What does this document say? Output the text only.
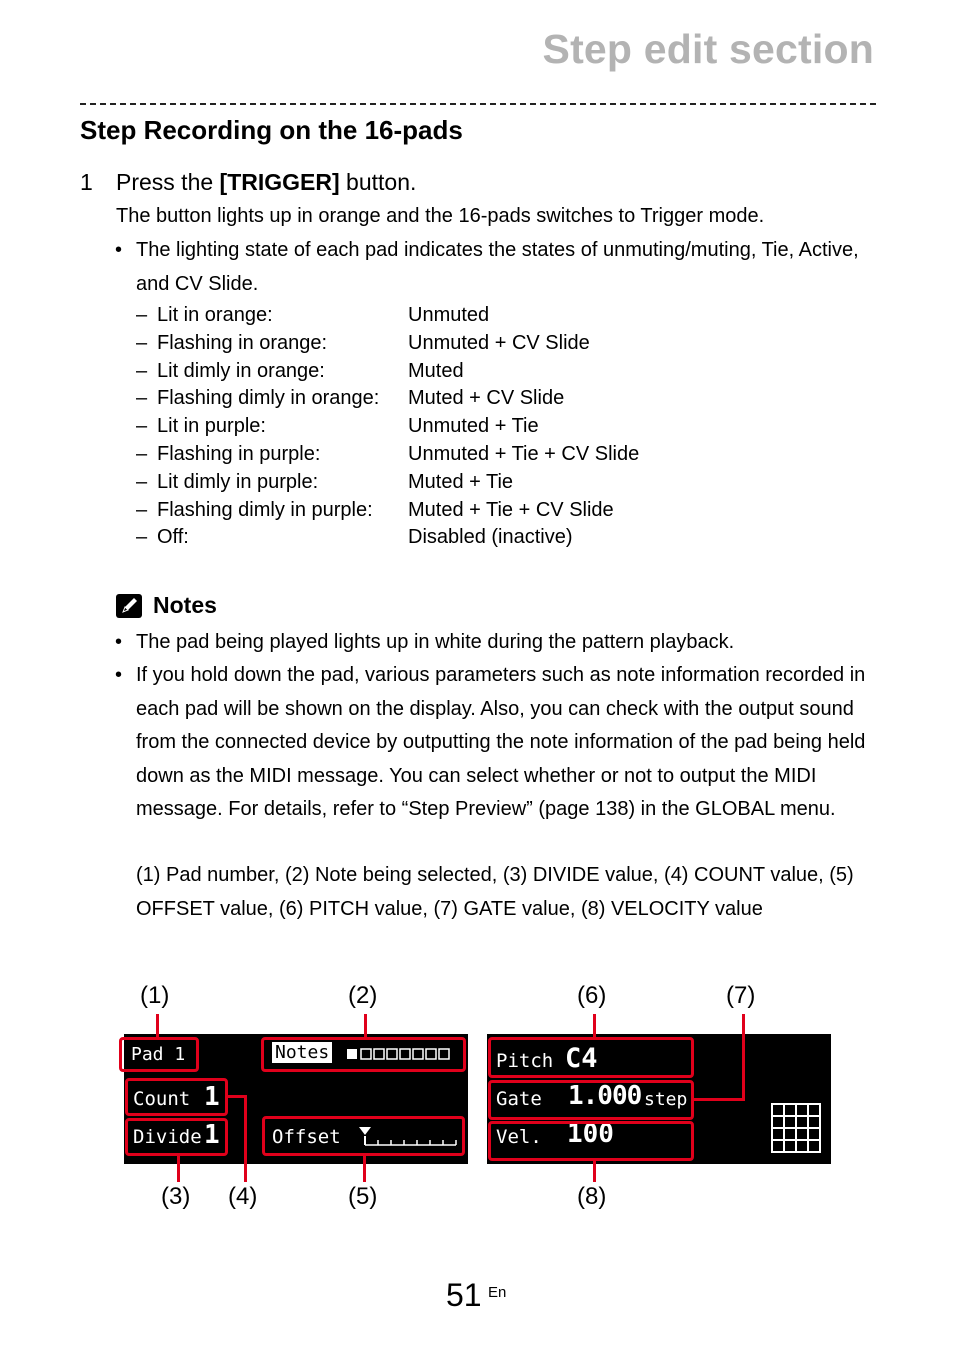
Step edit section
Step Recording on the 16-pads
1 Press the [TRIGGER] button.
The button lights up in orange and the 16-pads switches to Trigger mode.
• The lighting state of each pad indicates the states of unmuting/muting, Tie, Active, and CV Slide.
– Lit in orange:	Unmuted
– Flashing in orange:	Unmuted + CV Slide
– Lit dimly in orange:	Muted
– Flashing dimly in orange:	Muted + CV Slide
– Lit in purple:	Unmuted + Tie
– Flashing in purple:	Unmuted + Tie + CV Slide
– Lit dimly in purple:	Muted + Tie
– Flashing dimly in purple:	Muted + Tie + CV Slide
– Off:	Disabled (inactive)
Notes
• The pad being played lights up in white during the pattern playback.
• If you hold down the pad, various parameters such as note information recorded in each pad will be shown on the display. Also, you can check with the output sound from the connected device by outputting the note information of the pad being held down as the MIDI message. You can select whether or not to output the MIDI message. For details, refer to “Step Preview” (page 138) in the GLOBAL menu.
(1) Pad number, (2) Note being selected, (3) DIVIDE value, (4) COUNT value, (5) OFFSET value, (6) PITCH value, (7) GATE value, (8) VELOCITY value
(1)	(2)	(6)	(7)
(3) (4)	(5)	(8)
Pad 1	Notes
Count 1
Divide 1	Offset
Pitch C4
Gate 1.000 step
Vel. 100
51 En
